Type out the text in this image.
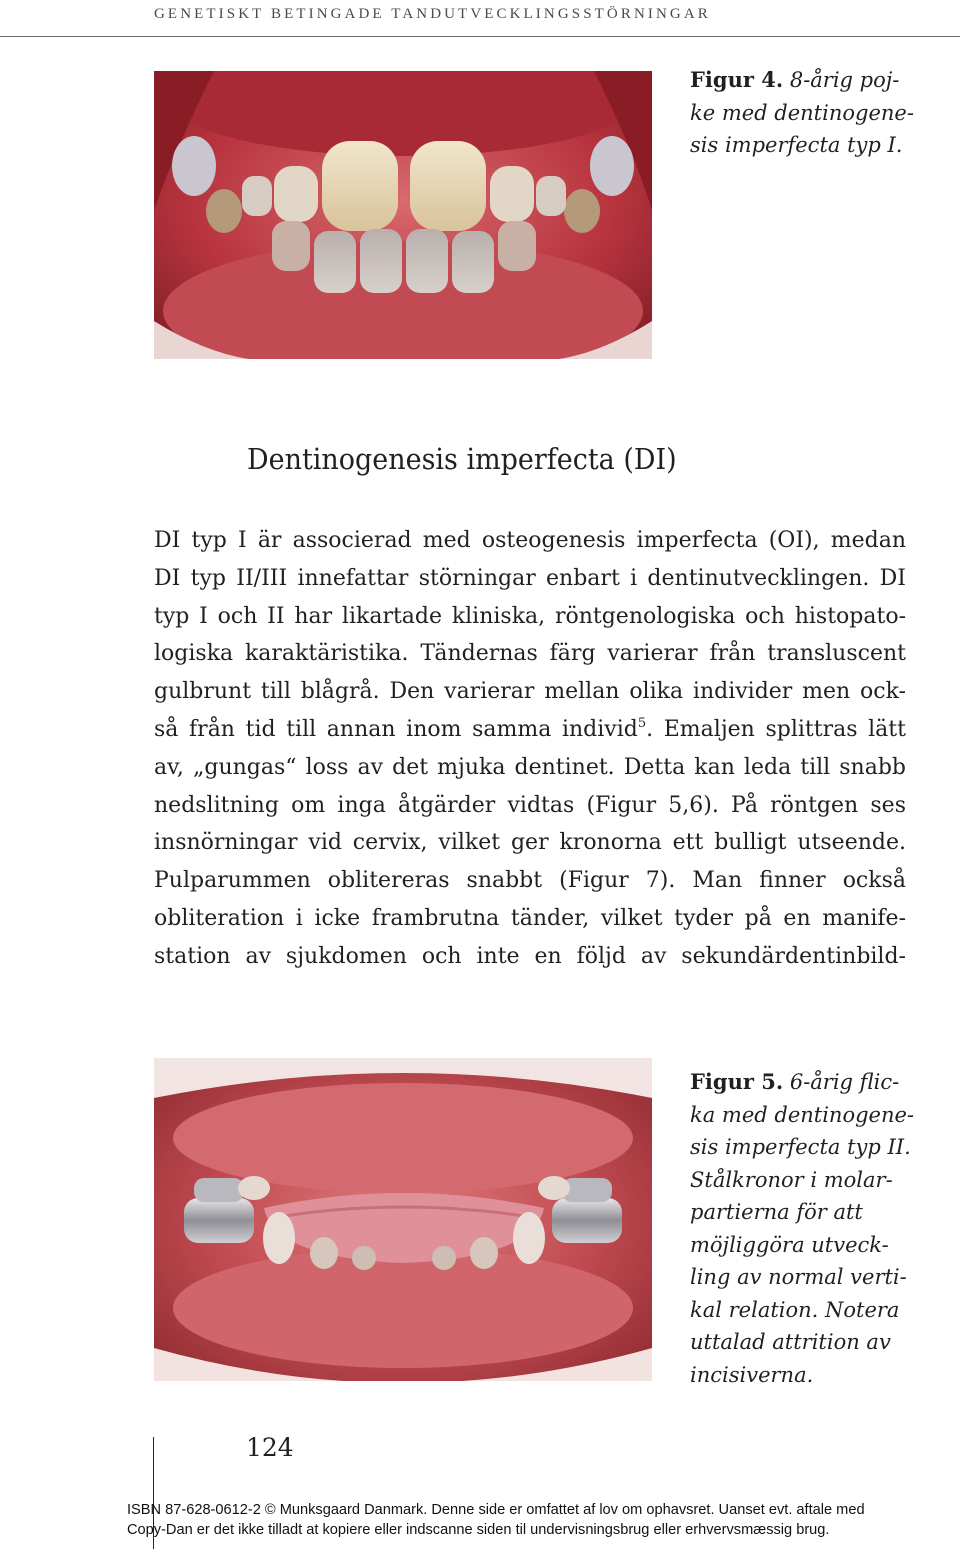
GENETISKT BETINGADE TANDUTVECKLINGSSTÖRNINGAR
Figur 4. 8-årig poj-
ke med dentinogene-
sis imperfecta typ I.
Dentinogenesis imperfecta (DI)
DI typ I är associerad med osteogenesis imperfecta (OI), medan
DI typ II/III innefattar störningar enbart i dentinutvecklingen. DI
typ I och II har likartade kliniska, röntgenologiska och histopato-
logiska karaktäristika. Tändernas färg varierar från transluscent
gulbrunt till blågrå. Den varierar mellan olika individer men ock-
så från tid till annan inom samma individ$^5$. Emaljen splittras lätt
av, „gungas“ loss av det mjuka dentinet. Detta kan leda till snabb
nedslitning om inga åtgärder vidtas (Figur 5,6). På röntgen ses
insnörningar vid cervix, vilket ger kronorna ett bulligt utseende.
Pulparummen oblitereras snabbt (Figur 7). Man finner också
obliteration i icke frambrutna tänder, vilket tyder på en manife-
station av sjukdomen och inte en följd av sekundärdentinbild-
Figur 5. 6-årig flic-
ka med dentinogene-
sis imperfecta typ II.
Stålkronor i molar-
partierna för att
möjliggöra utveck-
ling av normal verti-
kal relation. Notera
uttalad attrition av
incisiverna.
124
ISBN 87-628-0612-2 © Munksgaard Danmark. Denne side er omfattet af lov om ophavsret. Uanset evt. aftale med
Copy-Dan er det ikke tilladt at kopiere eller indscanne siden til undervisningsbrug eller erhvervsmæssig brug.
